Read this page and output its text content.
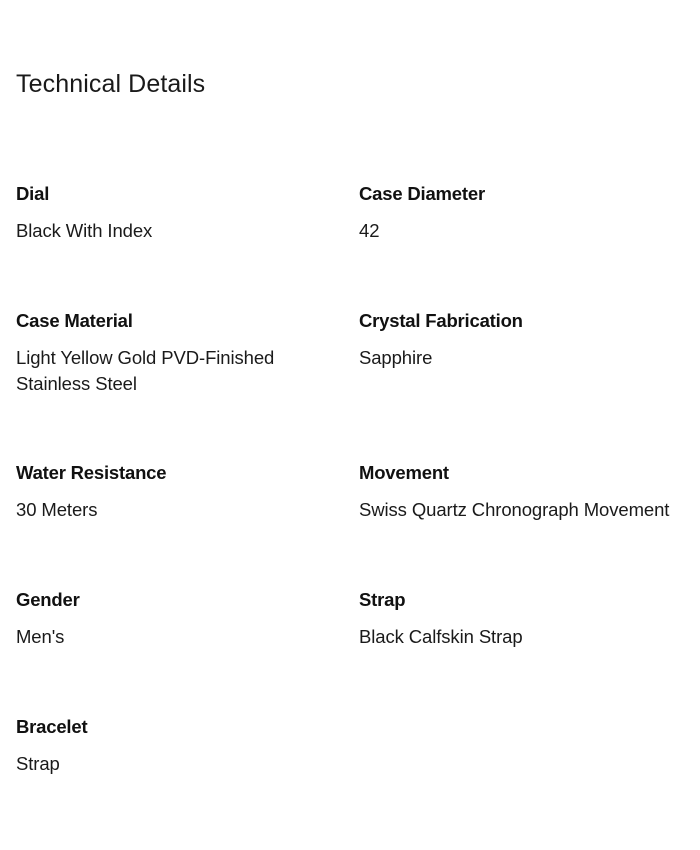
Technical Details

Dial

Black With Index

Case Diameter

42

Case Material

Light Yellow Gold PVD-Finished Stainless Steel

Crystal Fabrication

Sapphire

Water Resistance

30 Meters

Movement

Swiss Quartz Chronograph Movement

Gender

Men's

Strap

Black Calfskin Strap

Bracelet

Strap
